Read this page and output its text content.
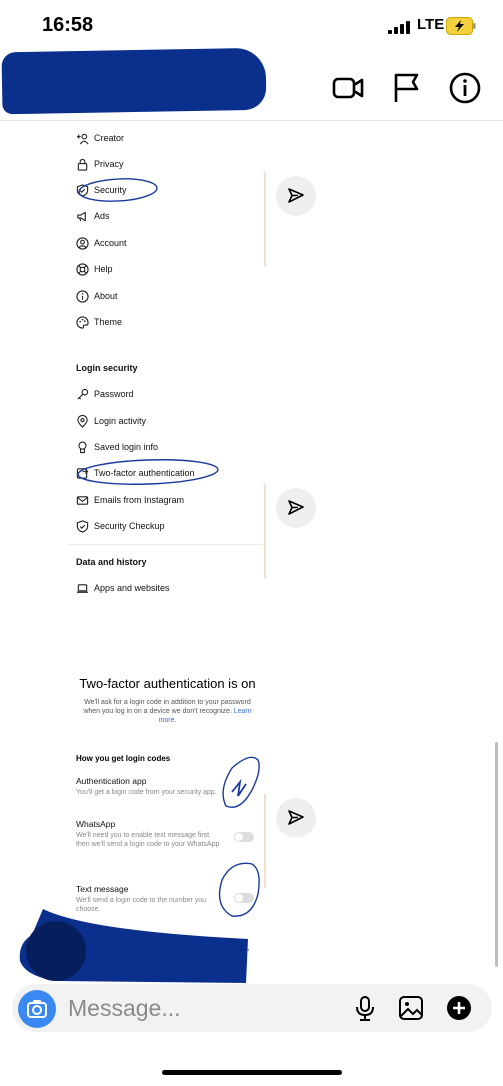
16:58	LTE
Creator
Privacy
Security
Ads
Account
Help
About
Theme
Login security
Password
Login activity
Saved login info
Two-factor authentication
Emails from Instagram
Security Checkup
Data and history
Apps and websites
Two-factor authentication is on
We'll ask for a login code in addition to your password when you log in on a device we don't recognize. Learn more.
How you get login codes
Authentication app
You'll get a login code from your security app.
WhatsApp
We'll need you to enable text message first then we'll send a login code to your WhatsApp
Text message
We'll send a login code to the number you choose.
›
Message...
